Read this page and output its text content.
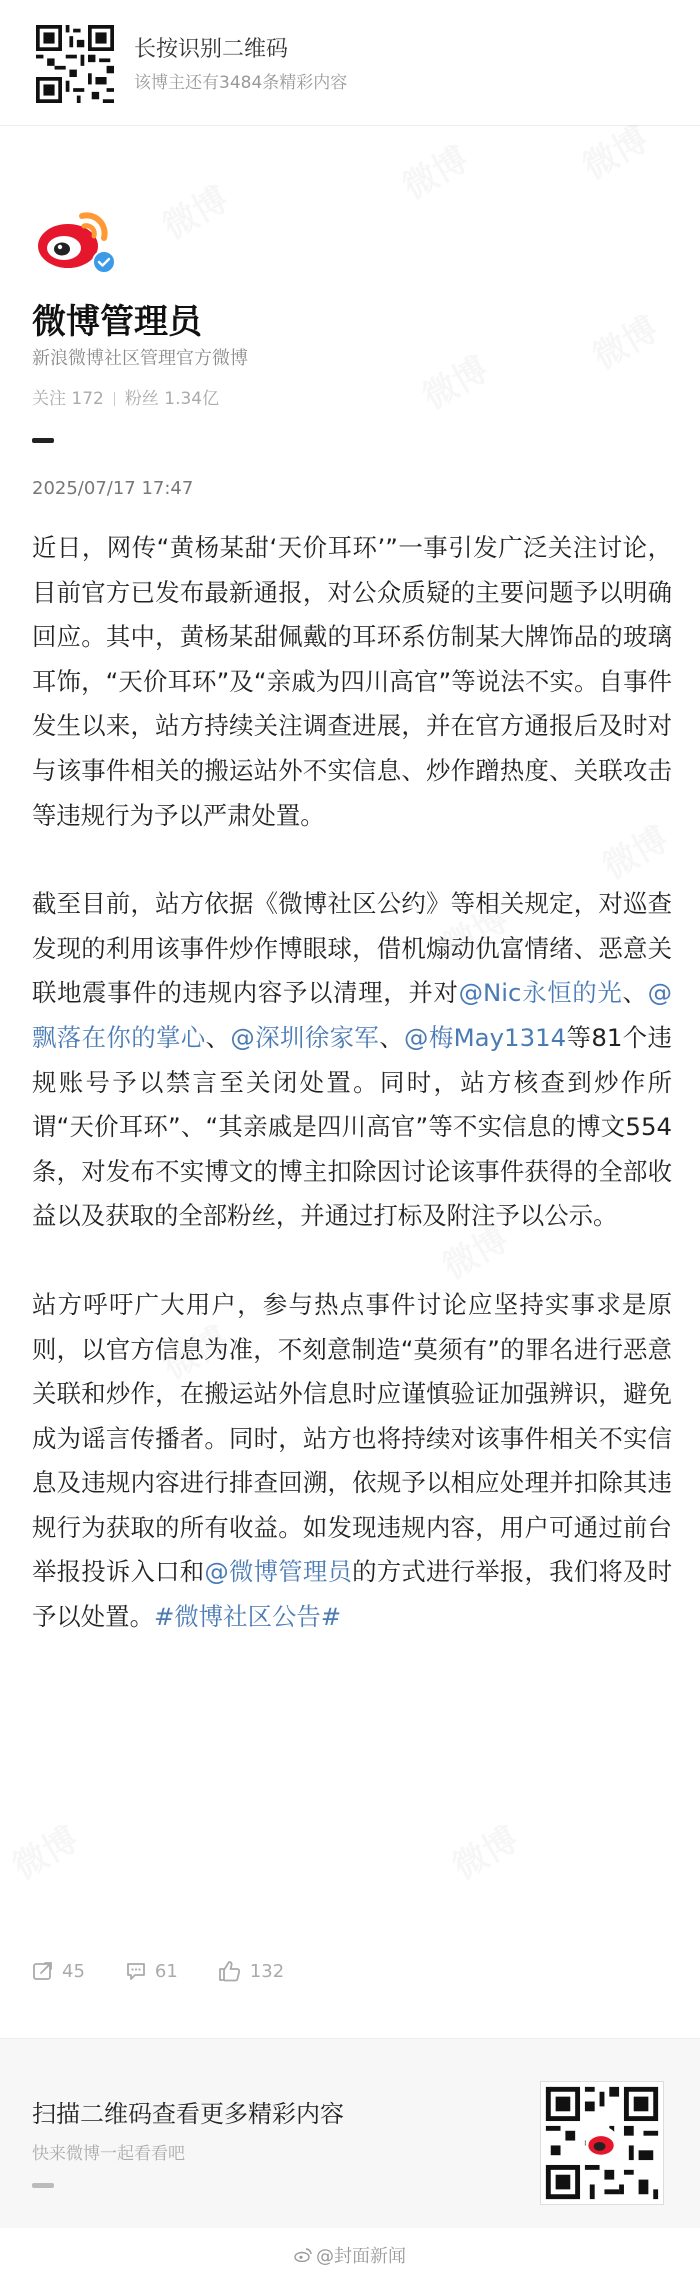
长按识别二维码
该博主还有3484条精彩内容
微博管理员
新浪微博社区管理官方微博
关注 172 粉丝 1.34亿
2025/07/17 17:47

近日，网传“黄杨某甜‘天价耳环’”一事引发广泛关注讨论，目前官方已发布最新通报，对公众质疑的主要问题予以明确回应。其中，黄杨某甜佩戴的耳环系仿制某大牌饰品的玻璃耳饰，“天价耳环”及“亲戚为四川高官”等说法不实。自事件发生以来，站方持续关注调查进展，并在官方通报后及时对与该事件相关的搬运站外不实信息、炒作蹭热度、关联攻击等违规行为予以严肃处置。

截至目前，站方依据《微博社区公约》等相关规定，对巡查发现的利用该事件炒作博眼球，借机煽动仇富情绪、恶意关联地震事件的违规内容予以清理，并对@Nic永恒的光、@飘落在你的掌心、@深圳徐家军、@梅May1314等81个违规账号予以禁言至关闭处置。同时，站方核查到炒作所谓“天价耳环”、“其亲戚是四川高官”等不实信息的博文554条，对发布不实博文的博主扣除因讨论该事件获得的全部收益以及获取的全部粉丝，并通过打标及附注予以公示。

站方呼吁广大用户，参与热点事件讨论应坚持实事求是原则，以官方信息为准，不刻意制造“莫须有”的罪名进行恶意关联和炒作，在搬运站外信息时应谨慎验证加强辨识，避免成为谣言传播者。同时，站方也将持续对该事件相关不实信息及违规内容进行排查回溯，依规予以相应处理并扣除其违规行为获取的所有收益。如发现违规内容，用户可通过前台举报投诉入口和@微博管理员的方式进行举报，我们将及时予以处置。#微博社区公告#

45	61	132
扫描二维码查看更多精彩内容
快来微博一起看看吧
@封面新闻
